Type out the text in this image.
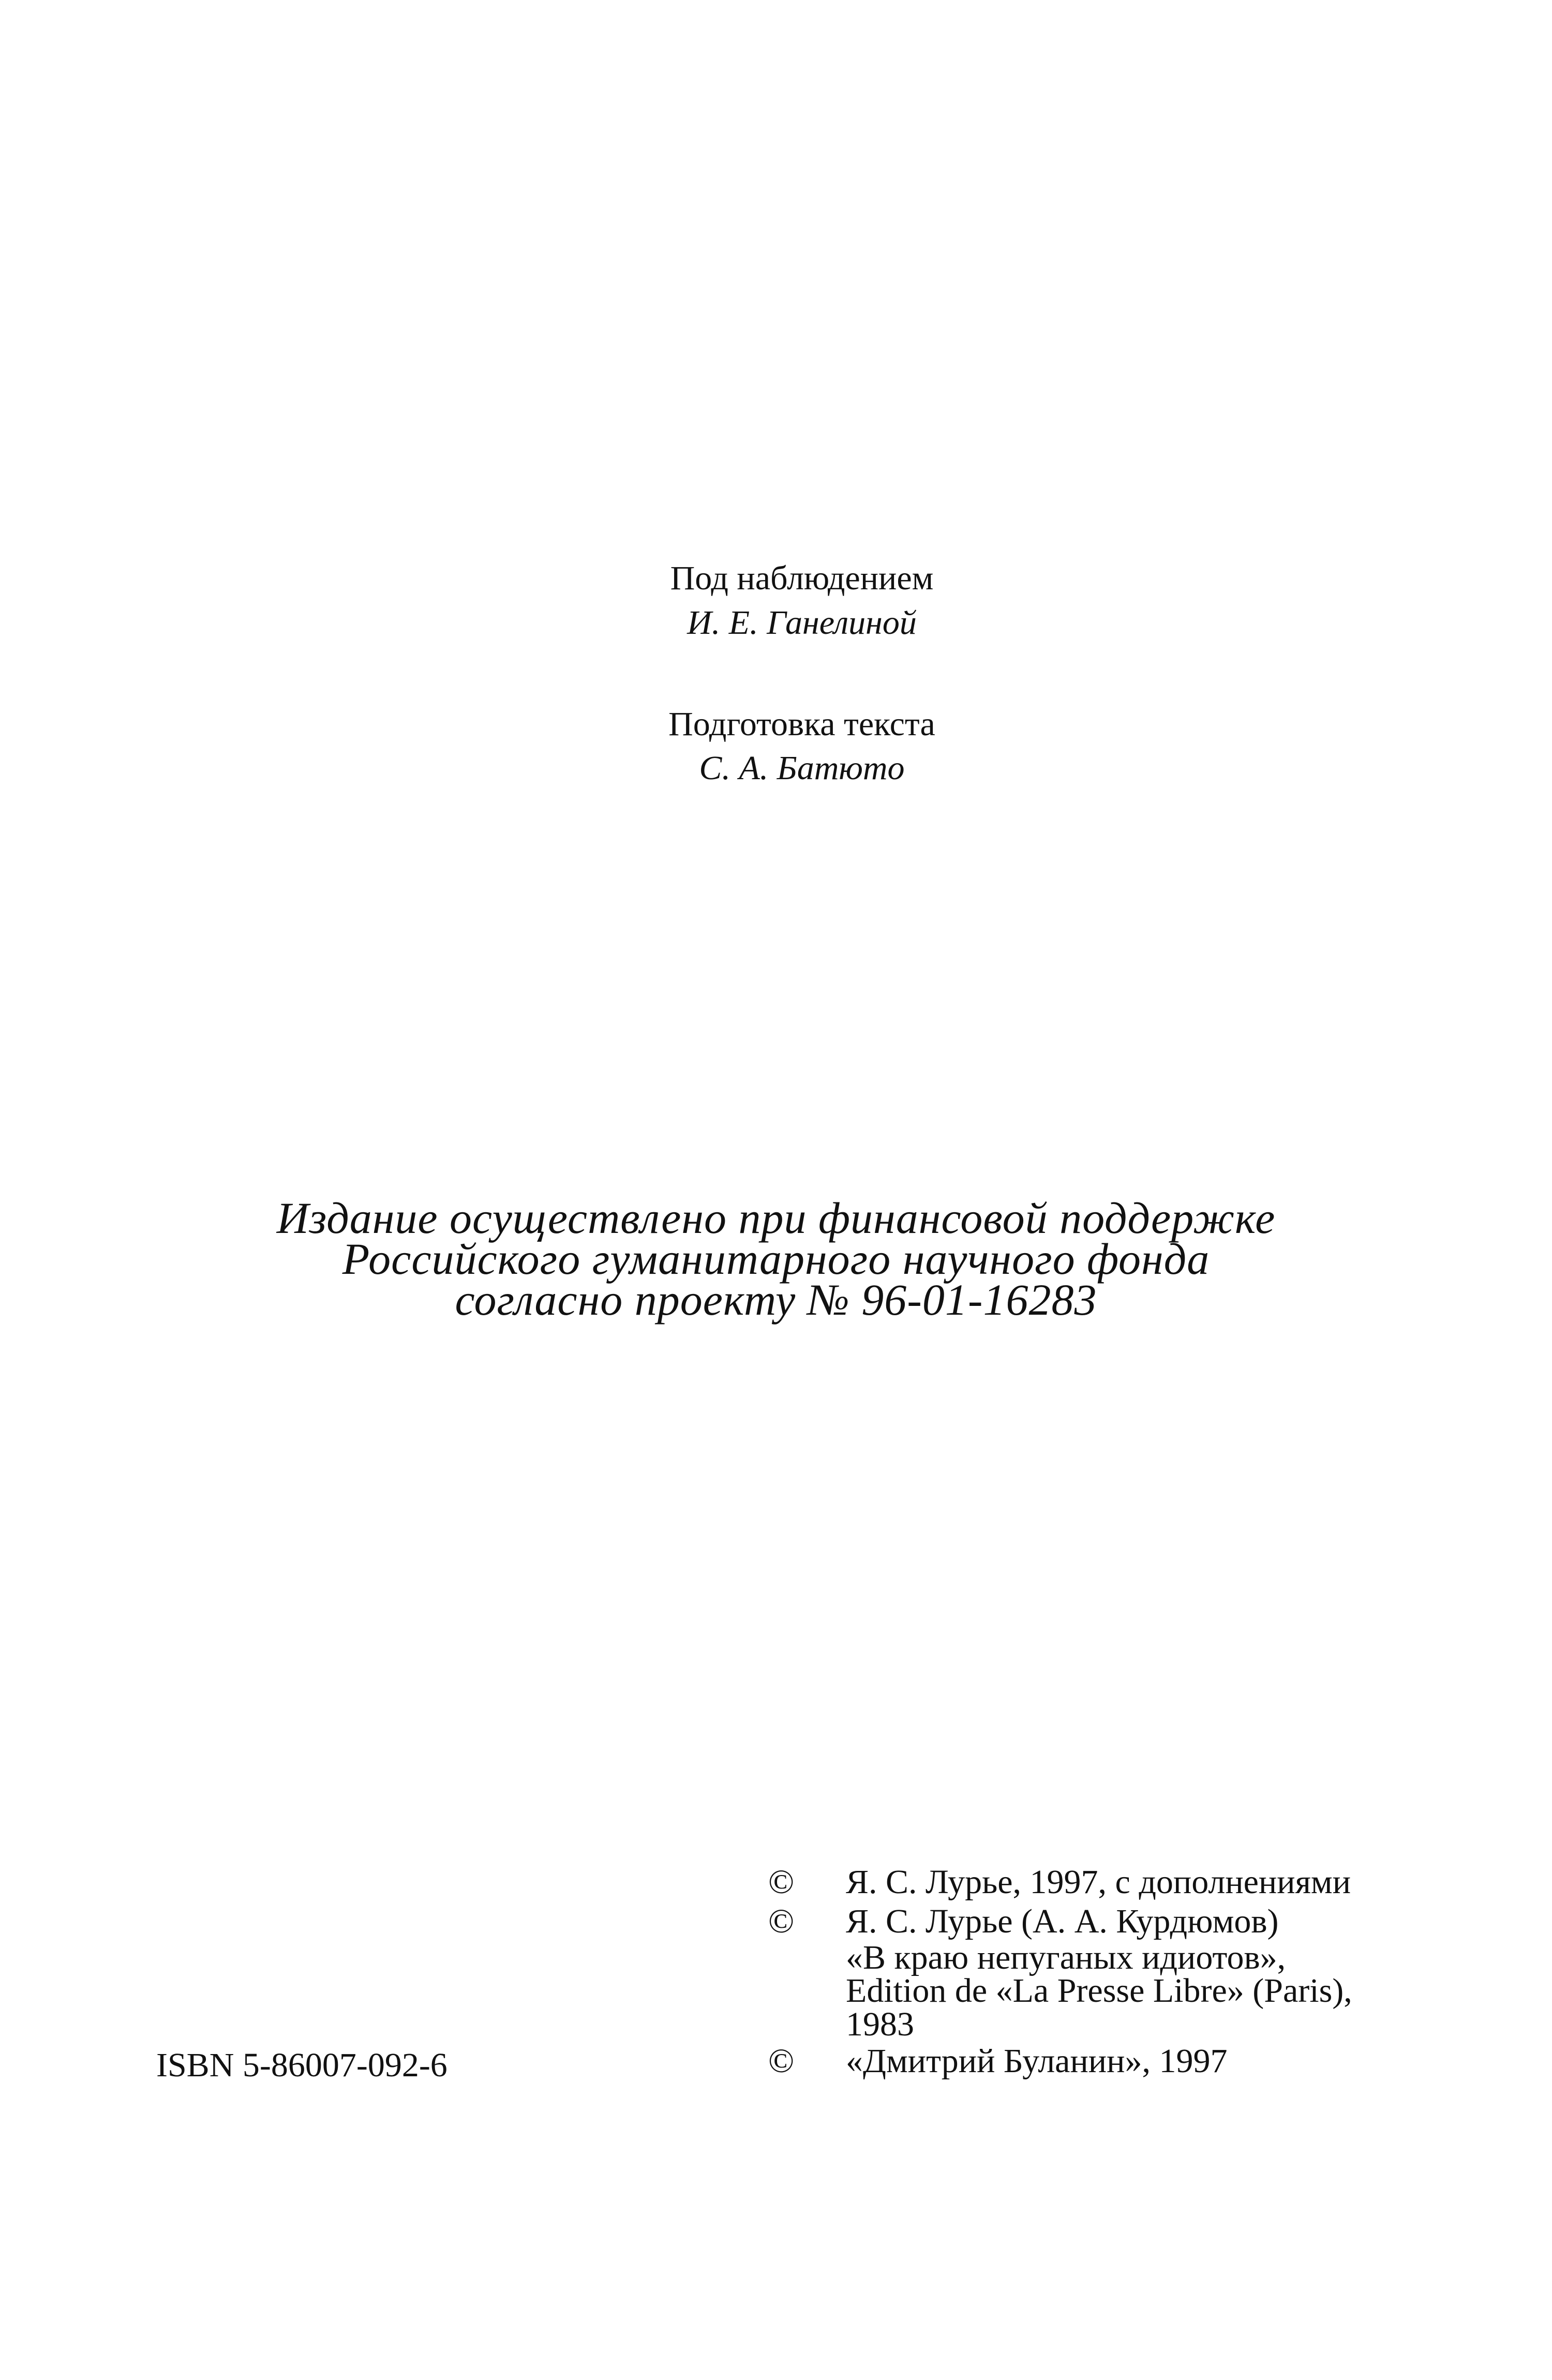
Под наблюдением
И. Е. Ганелиной
Подготовка текста
С. А. Батюто
Издание осуществлено при финансовой поддержке
Российского гуманитарного научного фонда
согласно проекту № 96-01-16283
ISBN 5-86007-092-6
©	Я. С. Лурье, 1997, с дополнениями
©	Я. С. Лурье (А. А. Курдюмов)
«В краю непуганых идиотов»,
Edition de «La Presse Libre» (Paris),
1983
©	«Дмитрий Буланин», 1997
